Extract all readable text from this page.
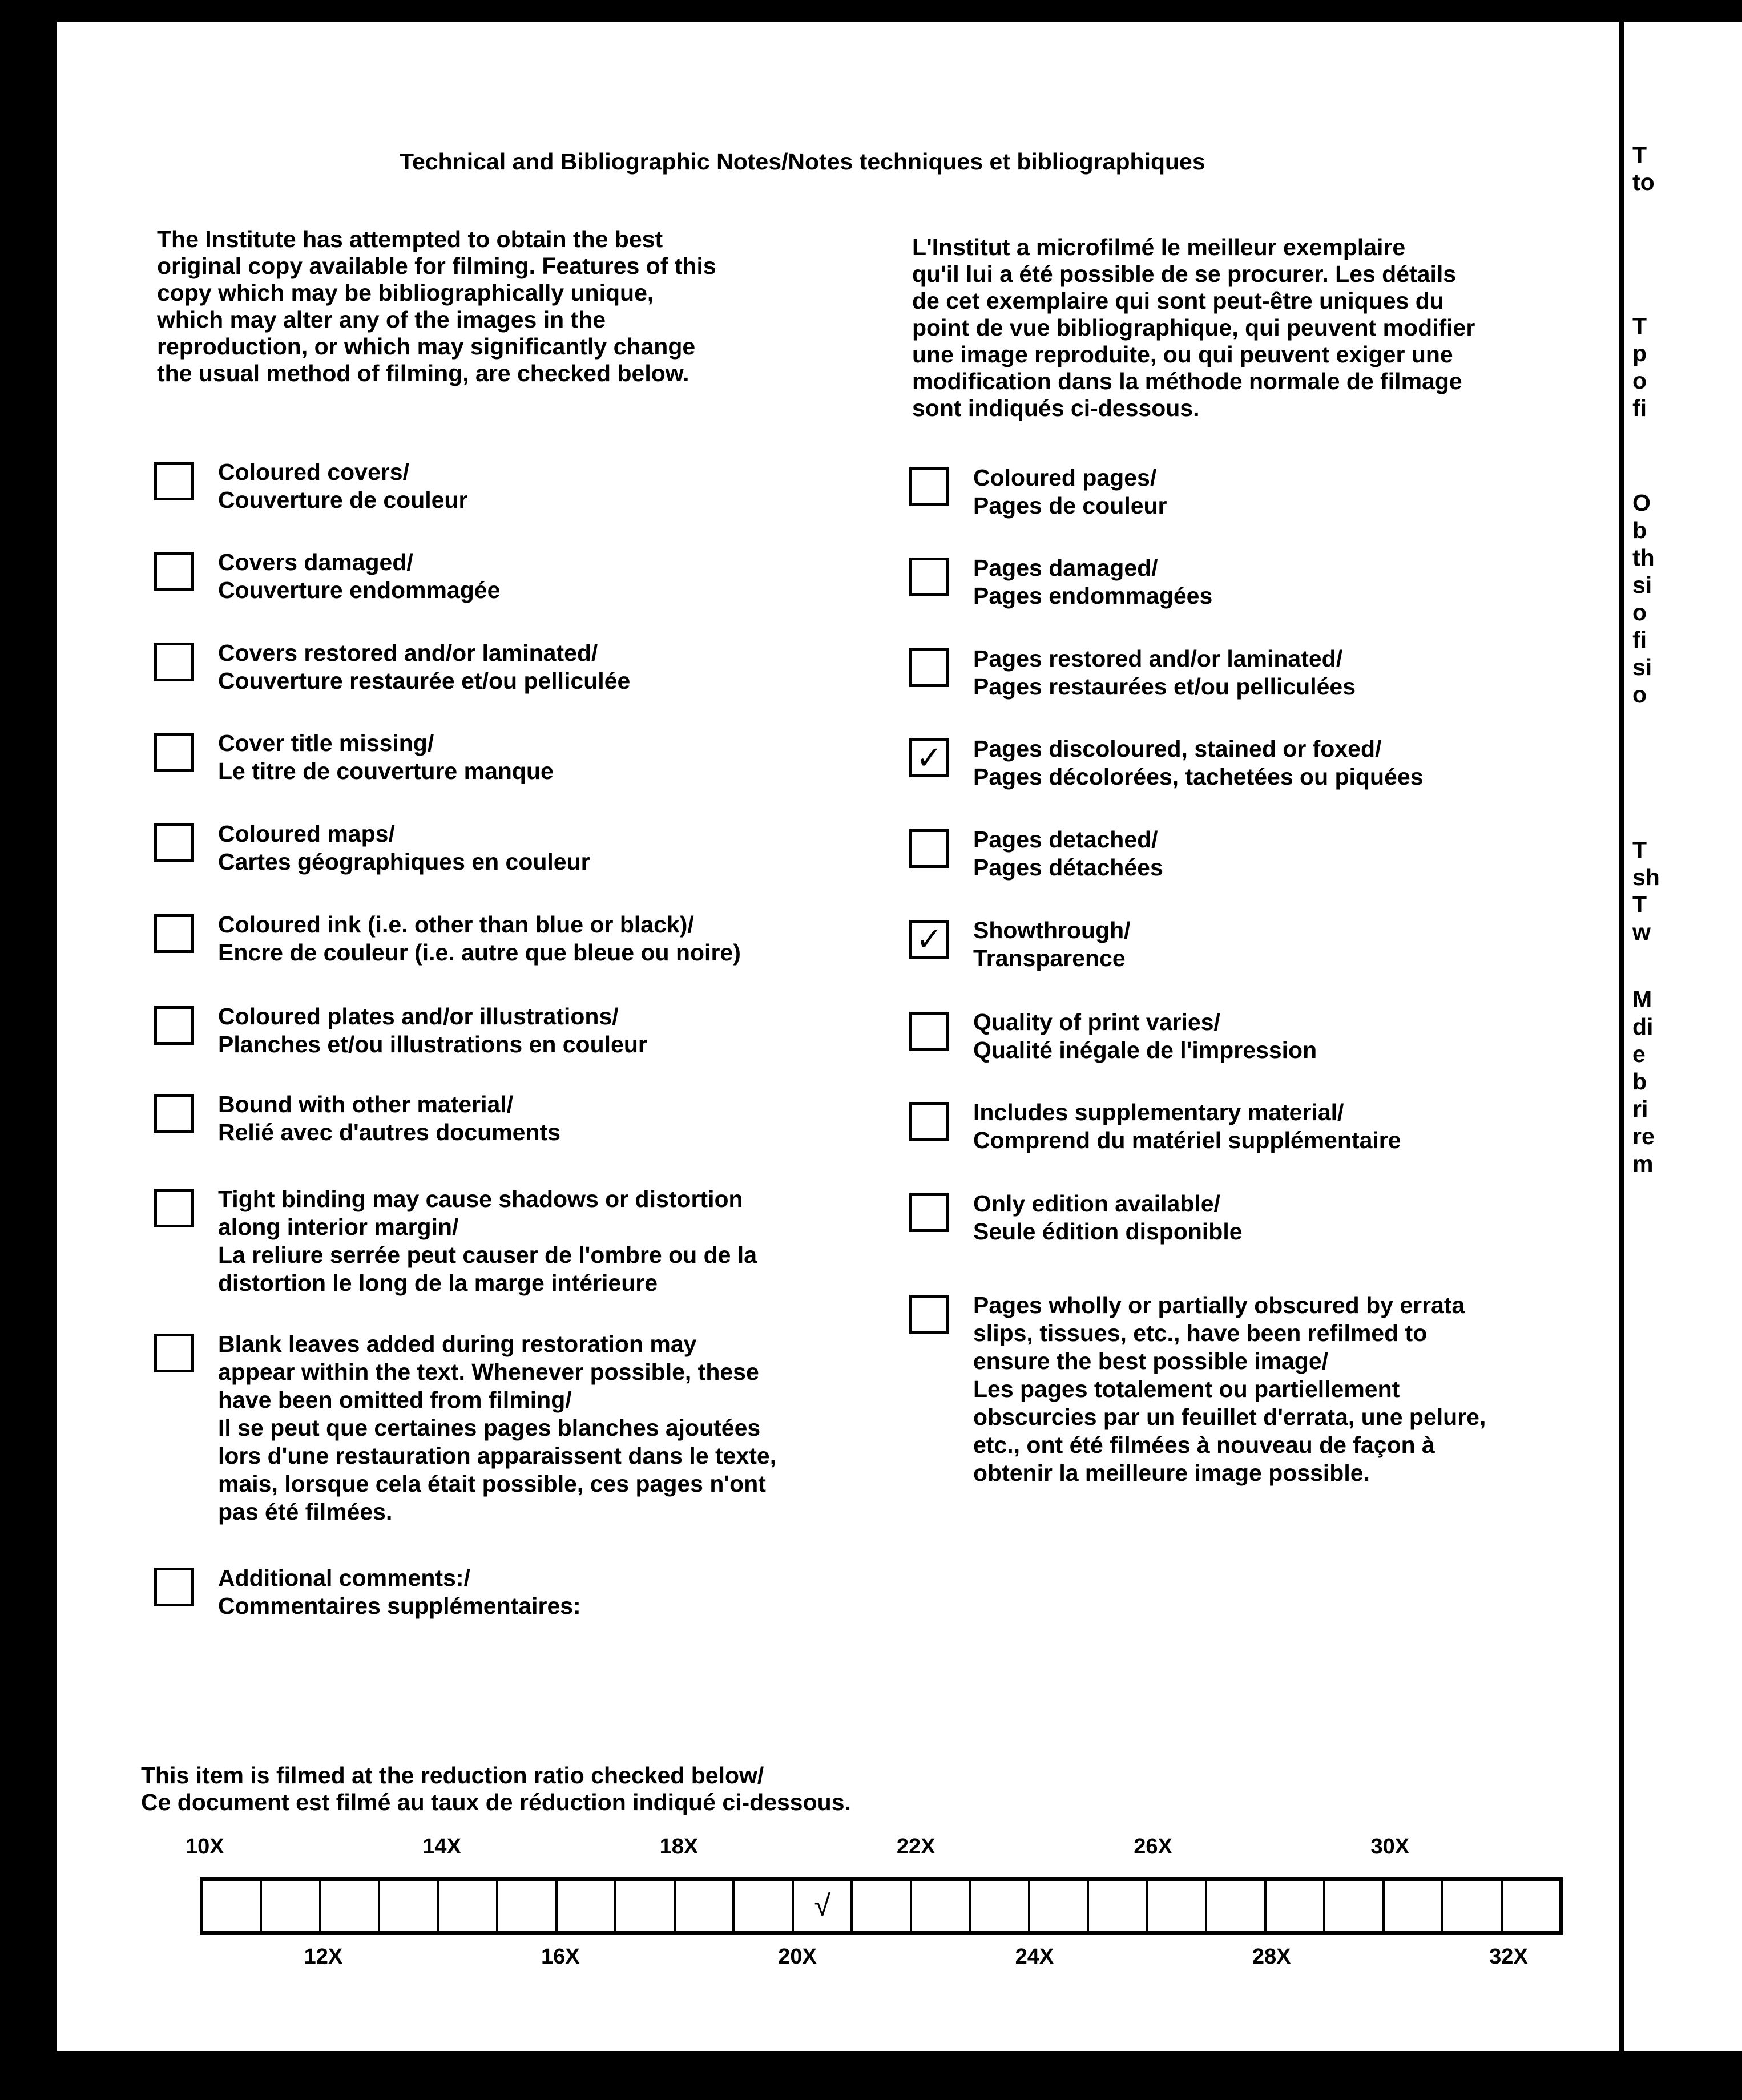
Technical and Bibliographic Notes/Notes techniques et bibliographiques
The Institute has attempted to obtain the best
original copy available for filming. Features of this
copy which may be bibliographically unique,
which may alter any of the images in the
reproduction, or which may significantly change
the usual method of filming, are checked below.
L'Institut a microfilmé le meilleur exemplaire
qu'il lui a été possible de se procurer. Les détails
de cet exemplaire qui sont peut-être uniques du
point de vue bibliographique, qui peuvent modifier
une image reproduite, ou qui peuvent exiger une
modification dans la méthode normale de filmage
sont indiqués ci-dessous.
Coloured covers/
Couverture de couleur
Covers damaged/
Couverture endommagée
Covers restored and/or laminated/
Couverture restaurée et/ou pelliculée
Cover title missing/
Le titre de couverture manque
Coloured maps/
Cartes géographiques en couleur
Coloured ink (i.e. other than blue or black)/
Encre de couleur (i.e. autre que bleue ou noire)
Coloured plates and/or illustrations/
Planches et/ou illustrations en couleur
Bound with other material/
Relié avec d'autres documents
Tight binding may cause shadows or distortion
along interior margin/
La reliure serrée peut causer de l'ombre ou de la
distortion le long de la marge intérieure
Blank leaves added during restoration may
appear within the text. Whenever possible, these
have been omitted from filming/
Il se peut que certaines pages blanches ajoutées
lors d'une restauration apparaissent dans le texte,
mais, lorsque cela était possible, ces pages n'ont
pas été filmées.
Additional comments:/
Commentaires supplémentaires:
Coloured pages/
Pages de couleur
Pages damaged/
Pages endommagées
Pages restored and/or laminated/
Pages restaurées et/ou pelliculées
✓ Pages discoloured, stained or foxed/
Pages décolorées, tachetées ou piquées
Pages detached/
Pages détachées
✓ Showthrough/
Transparence
Quality of print varies/
Qualité inégale de l'impression
Includes supplementary material/
Comprend du matériel supplémentaire
Only edition available/
Seule édition disponible
Pages wholly or partially obscured by errata
slips, tissues, etc., have been refilmed to
ensure the best possible image/
Les pages totalement ou partiellement
obscurcies par un feuillet d'errata, une pelure,
etc., ont été filmées à nouveau de façon à
obtenir la meilleure image possible.
This item is filmed at the reduction ratio checked below/
Ce document est filmé au taux de réduction indiqué ci-dessous.
10X	14X	18X	22X	26X	30X
√
12X	16X	20X	24X	28X	32X
T
to
T
p
o
fi
O
b
th
si
o
fi
si
o
T
sh
T
w
M
di
e
b
ri
re
m
